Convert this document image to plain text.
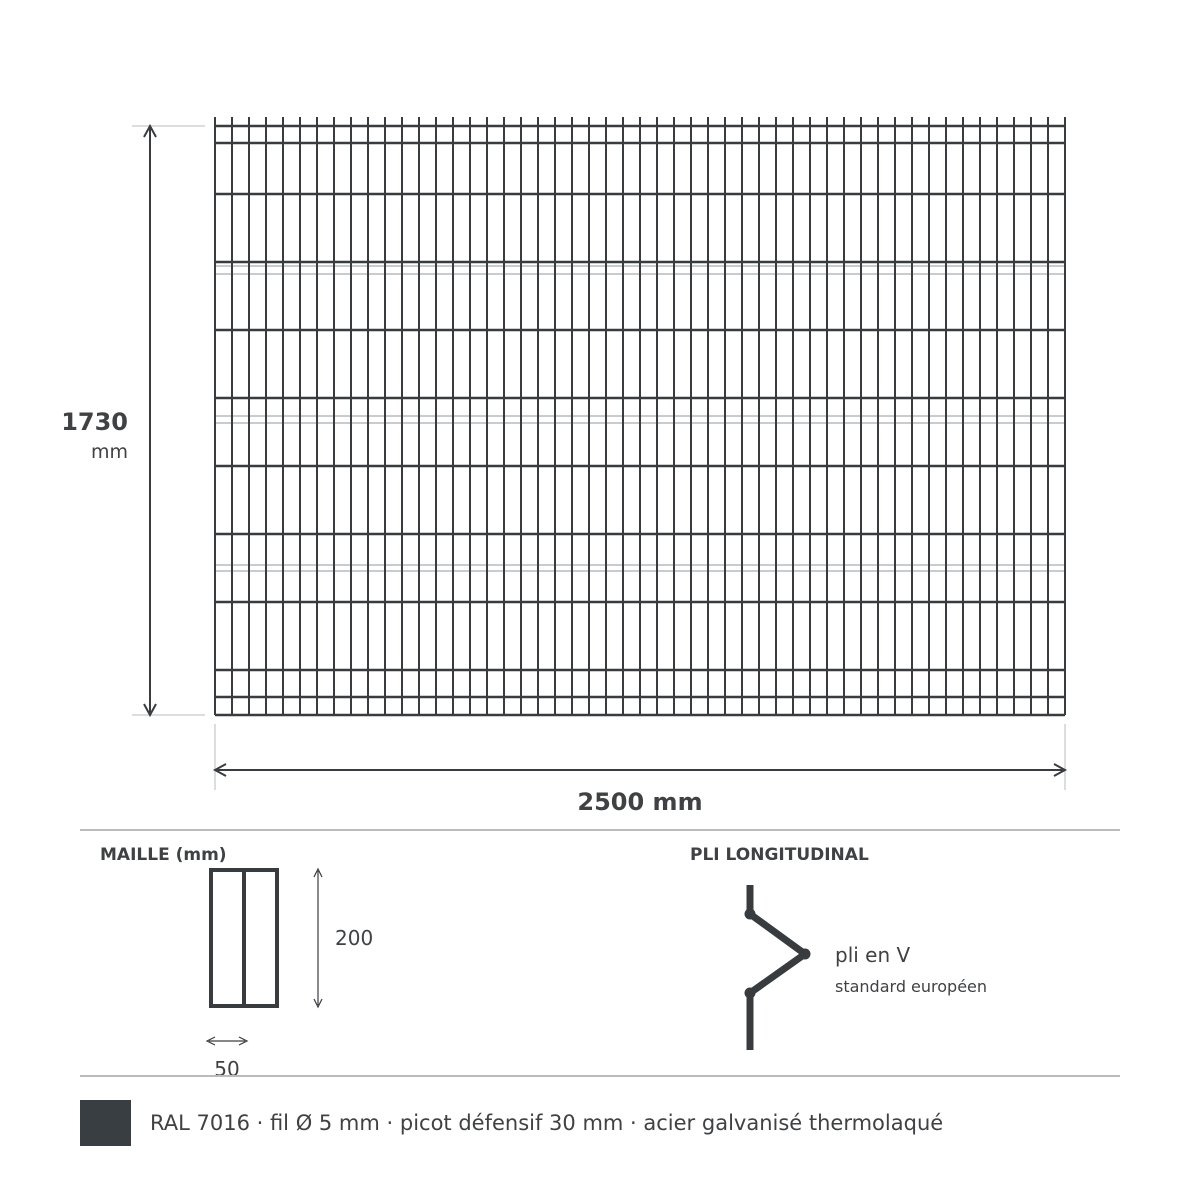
1730
mm
2500 mm
MAILLE (mm)
200
50
PLI LONGITUDINAL
pli en V
standard européen
RAL 7016 · fil Ø 5 mm · picot défensif 30 mm · acier galvanisé thermolaqué
